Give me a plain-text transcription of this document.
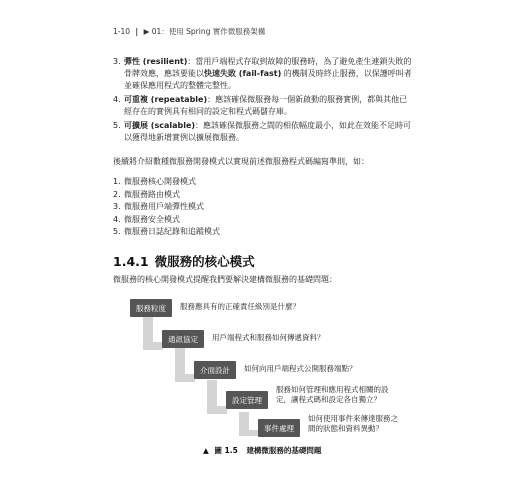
1-10 | ▶ 01：使用 Spring 實作微服務架構
3. 彈性 (resilient)：當用戶端程式存取到故障的服務時，為了避免產生連鎖失敗的骨牌效應，應該要能以快速失敗 (fail-fast) 的機制及時終止服務，以保護呼叫者並確保應用程式的整體完整性。
4. 可重複 (repeatable)：應該確保微服務每一個新啟動的服務實例，都與其他已經存在的實例具有相同的設定和程式碼儲存庫。
5. 可擴展 (scalable)：應該確保微服務之間的相依幅度最小，如此在效能不足時可以獲得地新增實例以擴展微服務。
後續將介紹數種微服務開發模式以實現前述微服務程式碼編寫準則，如：
1. 微服務核心開發模式
2. 微服務路由模式
3. 微服務用戶端彈性模式
4. 微服務安全模式
5. 微服務日誌紀錄和追蹤模式
1.4.1 微服務的核心模式
微服務的核心開發模式提醒我們要解決建構微服務的基礎問題：
服務粒度	服務應具有的正確責任級別是什麼？
通訊協定	用戶端程式和服務如何傳遞資料？
介面設計	如何向用戶端程式公開服務端點？
設定管理
服務如何管理和應用程式相關的設定，讓程式碼和設定各自獨立？
事件處理
如何使用事件來傳達服務之間的狀態和資料異動？
▲ 圖 1.5 建構微服務的基礎問題
